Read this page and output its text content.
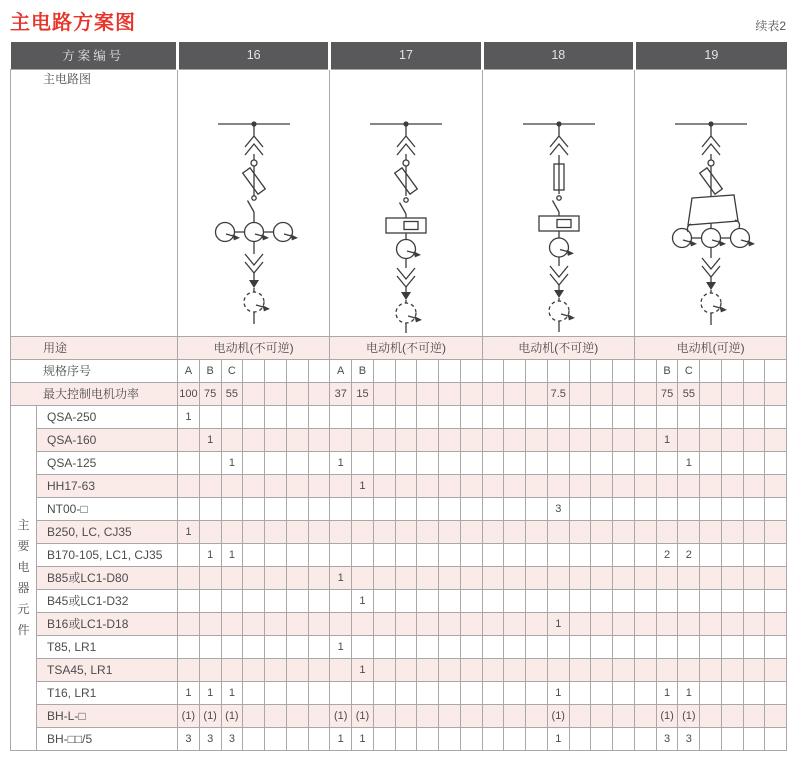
主电路方案图	续表2
方案编号		16							17							18							19						
主电路图	

用途		电动机(不可逆)							电动机(不可逆)							电动机(不可逆)							电动机(可逆)						
规格序号		A	B	C					A	B														B	C				
最大控制电机功率		100	75	55					37	15									7.5					75	55				

主
要
电
器
元
件
	QSA-250	1																											
	QSA-160		1																					1					
	QSA-125			1					1																1				
	HH17-63									1																			
	NT00-□																		3										
	B250, LC, CJ35	1																											
	B170-105, LC1, CJ35		1	1																				2	2				
	B85或LC1-D80								1																				
	B45或LC1-D32									1																			
	B16或LC1-D18																		1										
	T85, LR1								1																				
	TSA45, LR1									1																			
	T16, LR1	1	1	1															1					1	1				
	BH-L-□	(1)	(1)	(1)					(1)	(1)									(1)					(1)	(1)				
	BH-□□/5	3	3	3					1	1									1					3	3				
